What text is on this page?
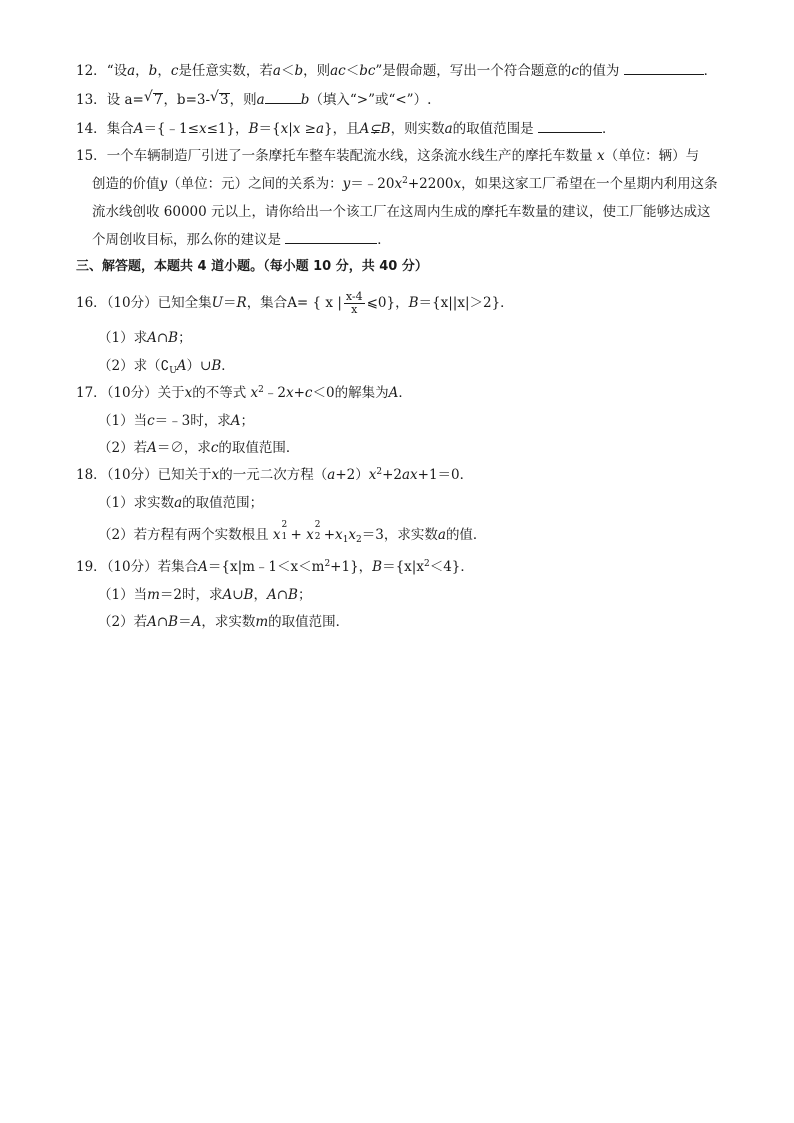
12．“设a，b，c是任意实数，若a＜b，则ac＜bc”是假命题，写出一个符合题意的c的值为	．
13．设 a= √ 7，b=3- √ 3，则a	b（填入“>”或“<”）.
14．集合A＝{﹣1≤x≤1}，B＝{x|x ≥a}，且A⊊B，则实数a的取值范围是	．
15．一个车辆制造厂引进了一条摩托车整车装配流水线，这条流水线生产的摩托车数量 x（单位：辆）与
创造的价值y（单位：元）之间的关系为：$y=﹣20x^2+2200x$，如果这家工厂希望在一个星期内利用这条
流水线创收 60000 元以上，请你给出一个该工厂在这周内生成的摩托车数量的建议，使工厂能够达成这
个周创收目标，那么你的建议是	．
三、解答题，本题共 4 道小题。（每小题 10 分，共 40 分）
16．（10分）已知全集U＝R，集合A= { x | $\frac{x-4}{x}$ ⩽0}，B＝{x||x|＞2}．
（1）求A∩B；
（2）求$(∁_UA)\cup B$．
17．（10分）关于x的不等式 $x^2﹣2x+c<0$的解集为A．
（1）当c＝﹣3时，求A；
（2）若A＝∅，求c的取值范围．
18．（10分）已知关于x的一元二次方程$(a+2)x^2+2ax+1=0$．
（1）求实数a的取值范围；
（2）若方程有两个实数根且 x
2
1 + x
2
$2 +x_1x_2=3$，求实数a的值．
19．（10分）若集合$A=\{x|m﹣1<x<m^2+1\}$，$B=\{x|x^2<4\}$．
（1）当m＝2时，求A∪B，A∩B；
（2）若A∩B＝A，求实数m的取值范围．
